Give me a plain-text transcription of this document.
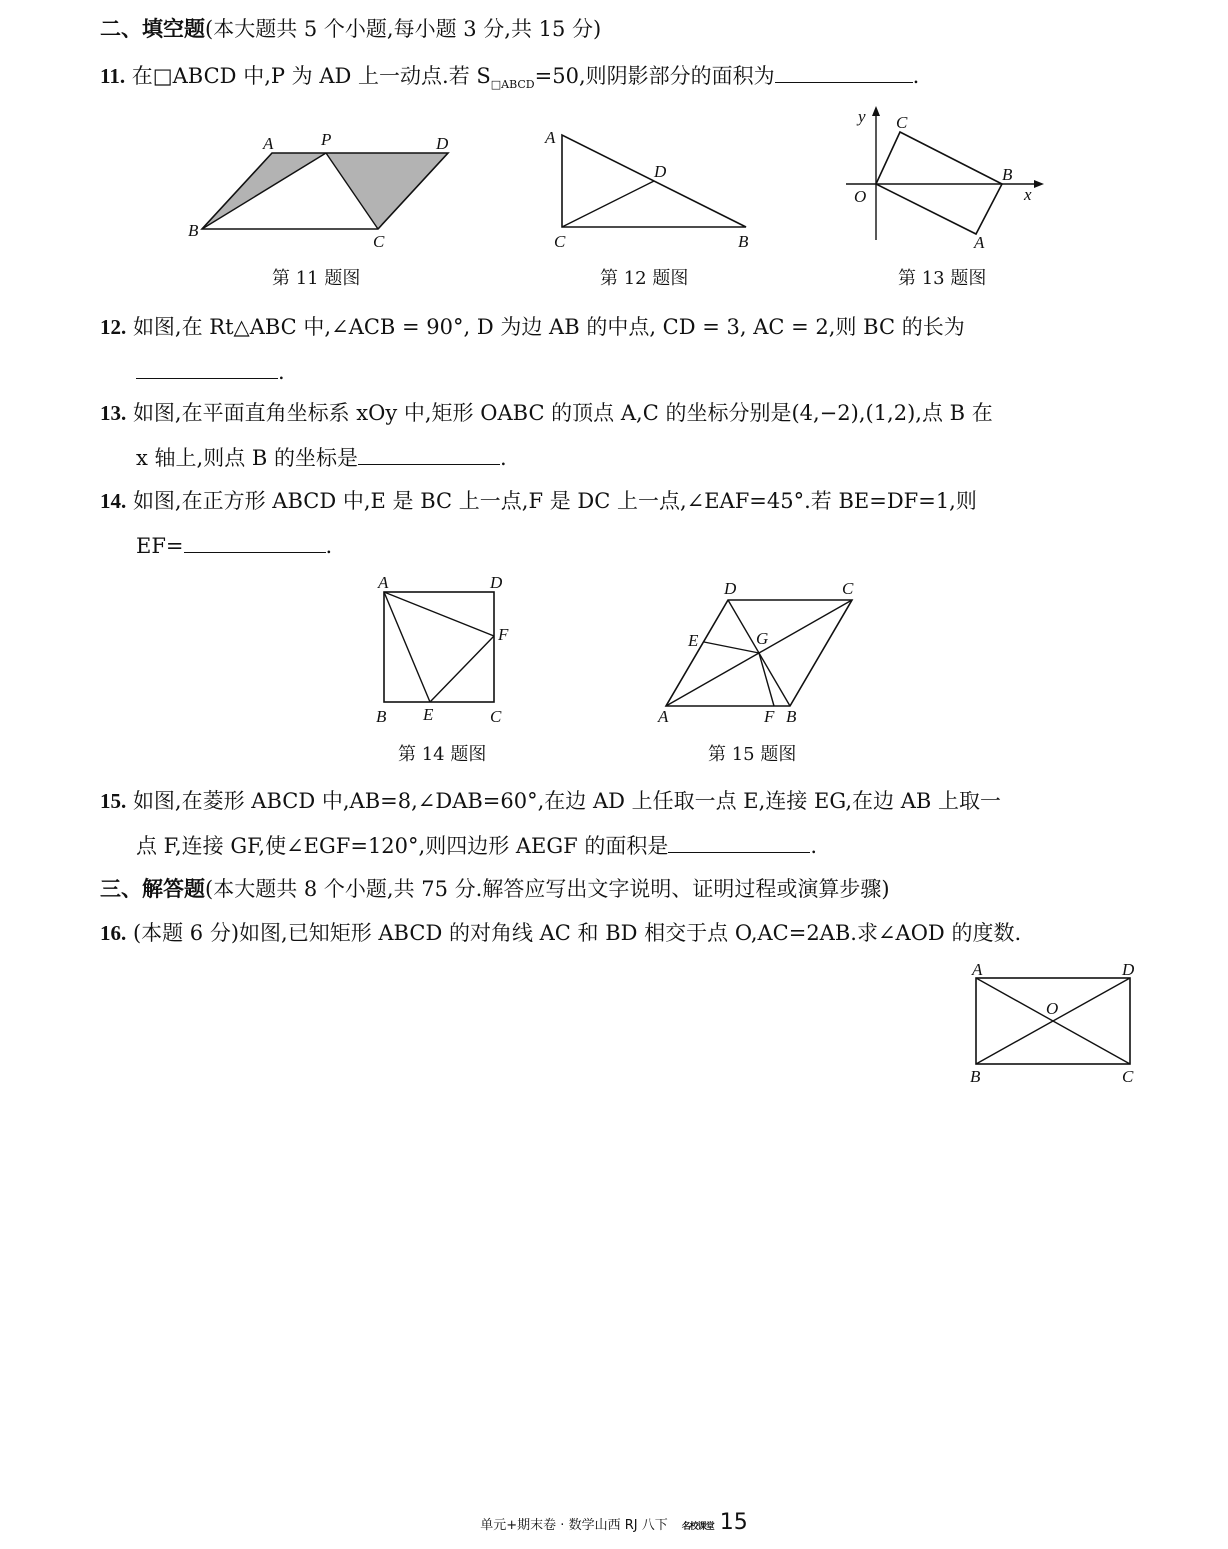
二、填空题(本大题共 5 个小题,每小题 3 分,共 15 分)
11. 在□ABCD 中,P 为 AD 上一动点.若 $S_{□ABCD}=50$,则阴影部分的面积为	.
A	P	D
B
C
第 11 题图
A
D
C	B
第 12 题图
y C
B
O	x
A
第 13 题图
12. 如图,在 Rt△ABC 中,∠ACB = 90°, D 为边 AB 的中点, CD = 3, AC = 2,则 BC 的长为
.
13. 如图,在平面直角坐标系 xOy 中,矩形 OABC 的顶点 A,C 的坐标分别是(4,−2),(1,2),点 B 在
x 轴上,则点 B 的坐标是	.
14. 如图,在正方形 ABCD 中,E 是 BC 上一点,F 是 DC 上一点,∠EAF=45°.若 BE=DF=1,则
EF=	.
A	D
F
B E	C
第 14 题图
D	C
E	G
A	F B
第 15 题图
15. 如图,在菱形 ABCD 中,AB=8,∠DAB=60°,在边 AD 上任取一点 E,连接 EG,在边 AB 上取一
点 F,连接 GF,使∠EGF=120°,则四边形 AEGF 的面积是	.
三、解答题(本大题共 8 个小题,共 75 分.解答应写出文字说明、证明过程或演算步骤)
16. (本题 6 分)如图,已知矩形 ABCD 的对角线 AC 和 BD 相交于点 O,AC=2AB.求∠AOD 的度数.
A	D
O
B	C
单元+期末卷 · 数学山西 RJ 八下 名校课堂 15
